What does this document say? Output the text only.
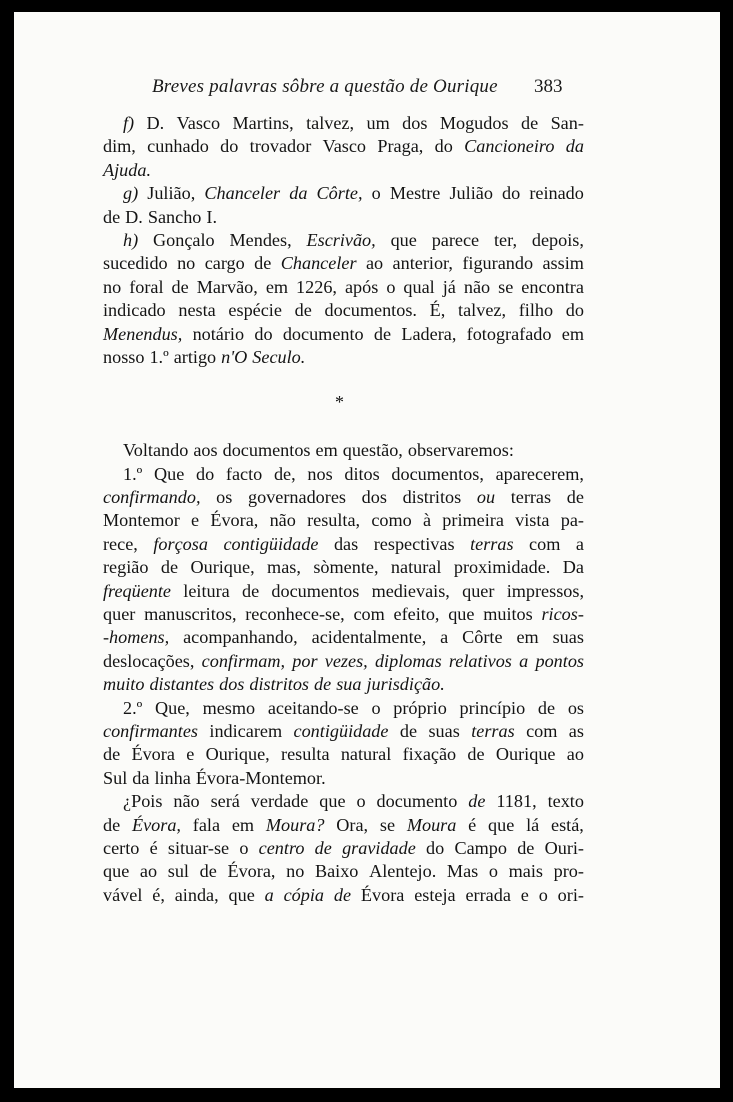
Breves palavras sôbre a questão de Ourique 383
f) D. Vasco Martins, talvez, um dos Mogudos de San-
dim, cunhado do trovador Vasco Praga, do Cancioneiro da
Ajuda.
g) Julião, Chanceler da Côrte, o Mestre Julião do reinado
de D. Sancho I.
h) Gonçalo Mendes, Escrivão, que parece ter, depois,
sucedido no cargo de Chanceler ao anterior, figurando assim
no foral de Marvão, em 1226, após o qual já não se encontra
indicado nesta espécie de documentos. É, talvez, filho do
Menendus, notário do documento de Ladera, fotografado em
nosso 1.º artigo n'O Seculo.
*
Voltando aos documentos em questão, observaremos:
1.º Que do facto de, nos ditos documentos, aparecerem,
confirmando, os governadores dos distritos ou terras de
Montemor e Évora, não resulta, como à primeira vista pa-
rece, forçosa contigüidade das respectivas terras com a
região de Ourique, mas, sòmente, natural proximidade. Da
freqüente leitura de documentos medievais, quer impressos,
quer manuscritos, reconhece-se, com efeito, que muitos ricos-
-homens, acompanhando, acidentalmente, a Côrte em suas
deslocações, confirmam, por vezes, diplomas relativos a pontos
muito distantes dos distritos de sua jurisdição.
2.º Que, mesmo aceitando-se o próprio princípio de os
confirmantes indicarem contigüidade de suas terras com as
de Évora e Ourique, resulta natural fixação de Ourique ao
Sul da linha Évora-Montemor.
¿Pois não será verdade que o documento de 1181, texto
de Évora, fala em Moura? Ora, se Moura é que lá está,
certo é situar-se o centro de gravidade do Campo de Ouri-
que ao sul de Évora, no Baixo Alentejo. Mas o mais pro-
vável é, ainda, que a cópia de Évora esteja errada e o ori-
